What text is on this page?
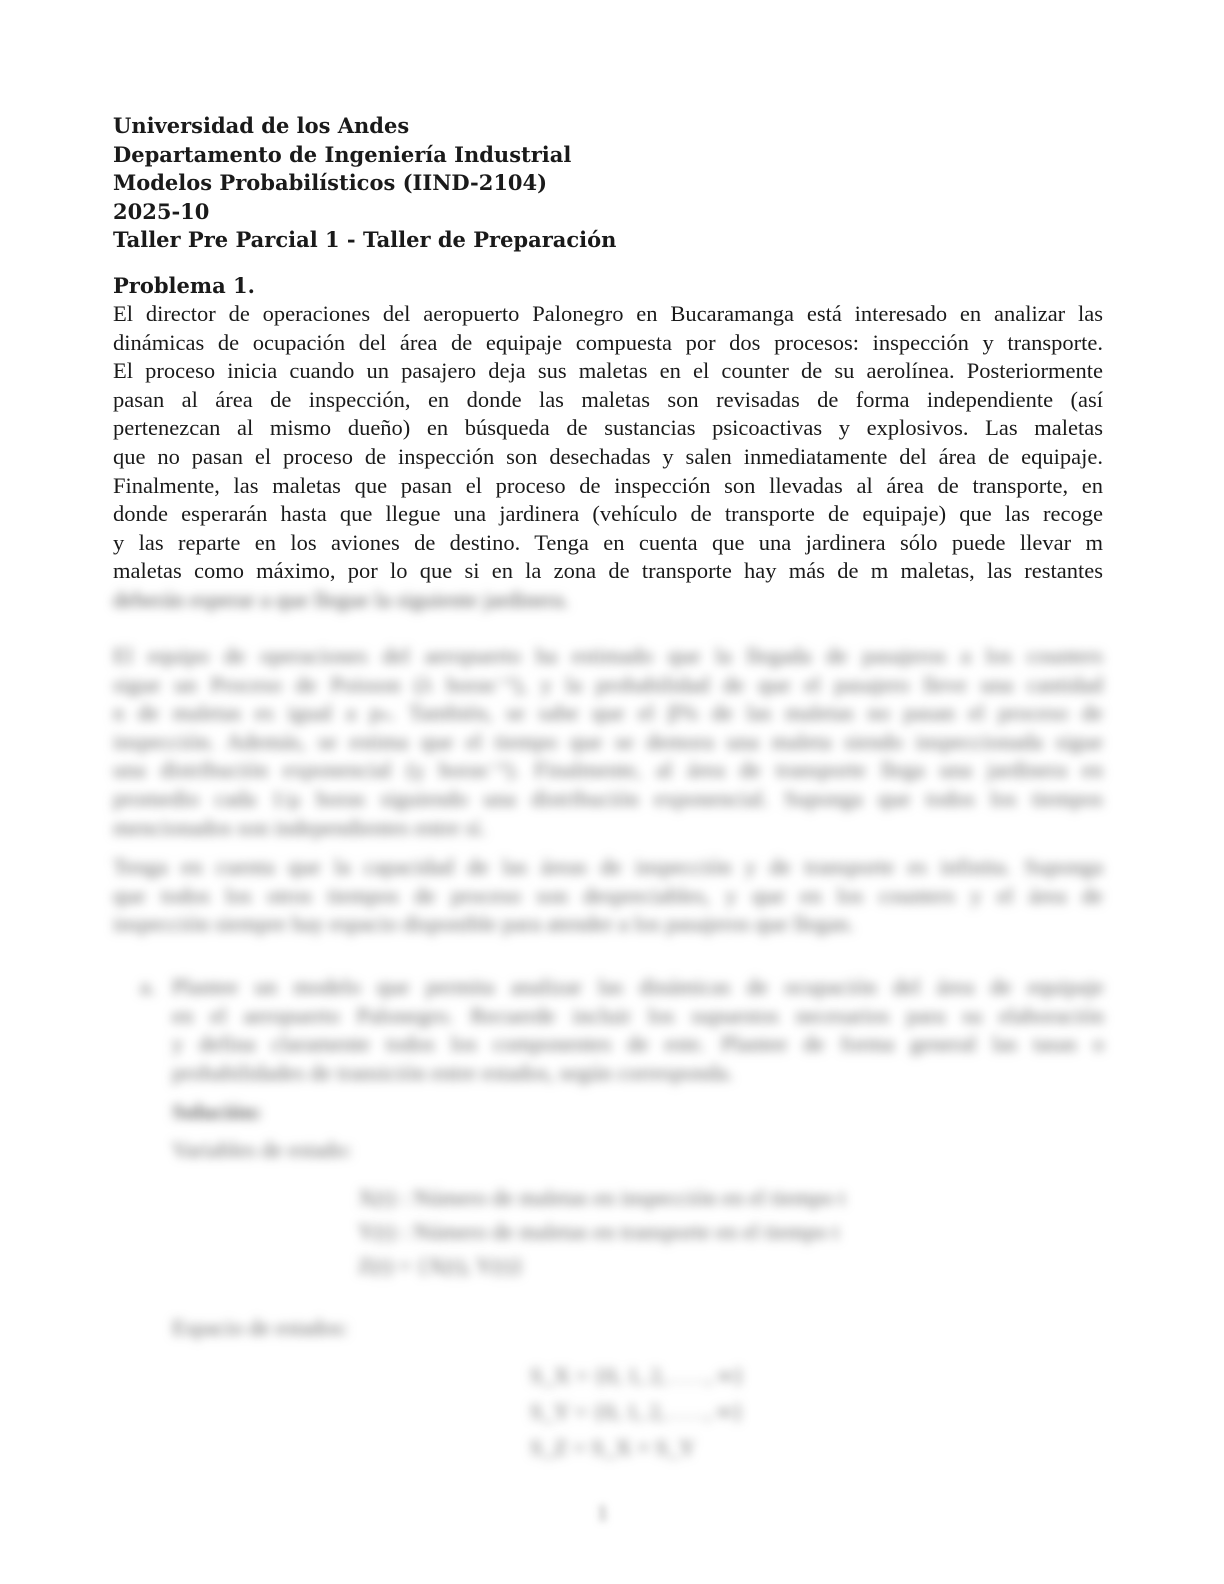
Universidad de los Andes
Departamento de Ingeniería Industrial
Modelos Probabilísticos (IIND-2104)
2025-10
Taller Pre Parcial 1 - Taller de Preparación
Problema 1.
El director de operaciones del aeropuerto Palonegro en Bucaramanga está interesado en analizar las
dinámicas de ocupación del área de equipaje compuesta por dos procesos: inspección y transporte.
El proceso inicia cuando un pasajero deja sus maletas en el counter de su aerolínea. Posteriormente
pasan al área de inspección, en donde las maletas son revisadas de forma independiente (así
pertenezcan al mismo dueño) en búsqueda de sustancias psicoactivas y explosivos. Las maletas
que no pasan el proceso de inspección son desechadas y salen inmediatamente del área de equipaje.
Finalmente, las maletas que pasan el proceso de inspección son llevadas al área de transporte, en
donde esperarán hasta que llegue una jardinera (vehículo de transporte de equipaje) que las recoge
y las reparte en los aviones de destino. Tenga en cuenta que una jardinera sólo puede llevar m
maletas como máximo, por lo que si en la zona de transporte hay más de m maletas, las restantes
deberán esperar a que llegue la siguiente jardinera.
El equipo de operaciones del aeropuerto ha estimado que la llegada de pasajeros a los counters
sigue un Proceso de Poisson (λ horas⁻¹), y la probabilidad de que el pasajero lleve una cantidad
n de maletas es igual a pₙ. También, se sabe que el β% de las maletas no pasan el proceso de
inspección. Además, se estima que el tiempo que se demora una maleta siendo inspeccionada sigue
una distribución exponencial (γ horas⁻¹). Finalmente, al área de transporte llega una jardinera en
promedio cada 1/μ horas siguiendo una distribución exponencial. Suponga que todos los tiempos
mencionados son independientes entre sí.
Tenga en cuenta que la capacidad de las áreas de inspección y de transporte es infinita. Suponga
que todos los otros tiempos de proceso son despreciables, y que en los counters y el área de
inspección siempre hay espacio disponible para atender a los pasajeros que llegan.
a. Plantee un modelo que permita analizar las dinámicas de ocupación del área de equipaje
en el aeropuerto Palonegro. Recuerde incluir los supuestos necesarios para su elaboración
y defina claramente todos los componentes de este. Plantee de forma general las tasas o
probabilidades de transición entre estados, según corresponda.
Solución:
Variables de estado:
X(t) : Número de maletas en inspección en el tiempo t
Y(t) : Número de maletas en transporte en el tiempo t
Z(t) = {X(t), Y(t)}
Espacio de estados:
S_X = {0, 1, 2, . . . , ∞}
S_Y = {0, 1, 2, . . . , ∞}
S_Z = S_X × S_Y
1
